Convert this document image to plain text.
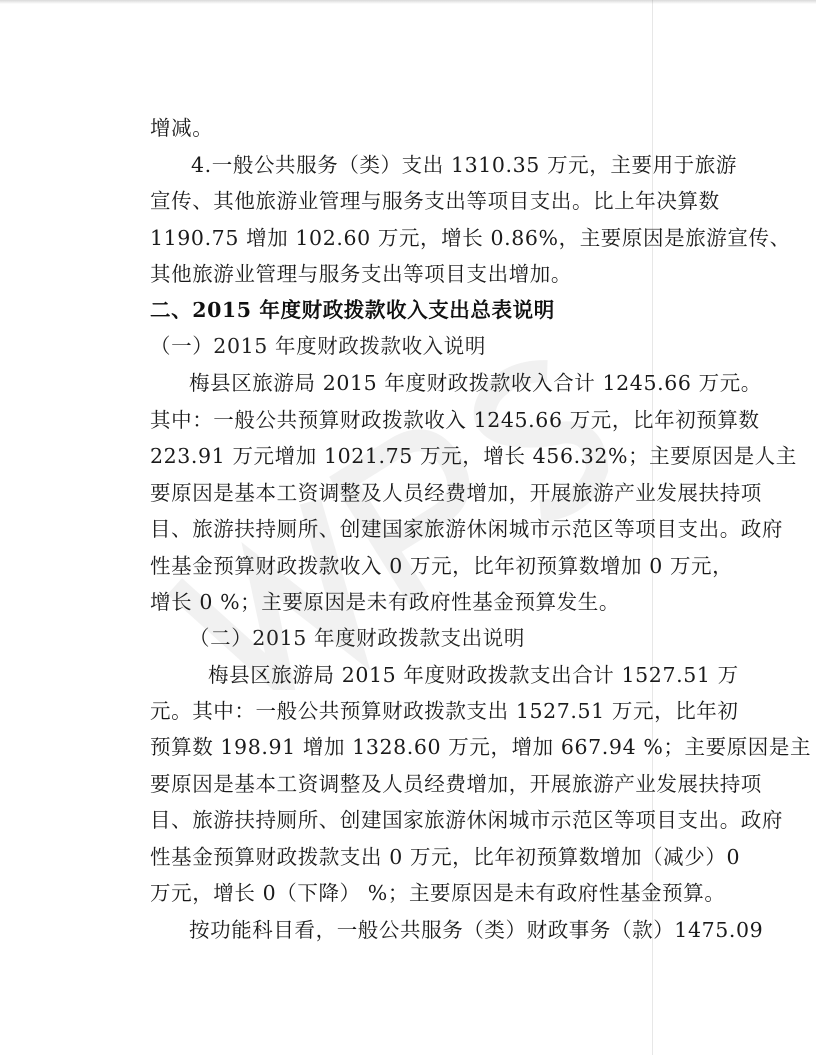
增减。
4.一般公共服务（类）支出 1310.35 万元，主要用于旅游
宣传、其他旅游业管理与服务支出等项目支出。比上年决算数
1190.75 增加 102.60 万元，增长 0.86%，主要原因是旅游宣传、
其他旅游业管理与服务支出等项目支出增加。
二、2015 年度财政拨款收入支出总表说明
（一）2015 年度财政拨款收入说明
梅县区旅游局 2015 年度财政拨款收入合计 1245.66 万元。
其中：一般公共预算财政拨款收入 1245.66 万元，比年初预算数
223.91 万元增加 1021.75 万元，增长 456.32%；主要原因是人主
要原因是基本工资调整及人员经费增加，开展旅游产业发展扶持项
目、旅游扶持厕所、创建国家旅游休闲城市示范区等项目支出。政府
性基金预算财政拨款收入 0 万元，比年初预算数增加 0 万元，
增长 0 %；主要原因是未有政府性基金预算发生。
（二）2015 年度财政拨款支出说明
梅县区旅游局 2015 年度财政拨款支出合计 1527.51 万
元。其中：一般公共预算财政拨款支出 1527.51 万元，比年初
预算数 198.91 增加 1328.60 万元，增加 667.94 %；主要原因是主
要原因是基本工资调整及人员经费增加，开展旅游产业发展扶持项
目、旅游扶持厕所、创建国家旅游休闲城市示范区等项目支出。政府
性基金预算财政拨款支出 0 万元，比年初预算数增加（减少）0
万元，增长 0（下降） %；主要原因是未有政府性基金预算。
按功能科目看，一般公共服务（类）财政事务（款）1475.09
